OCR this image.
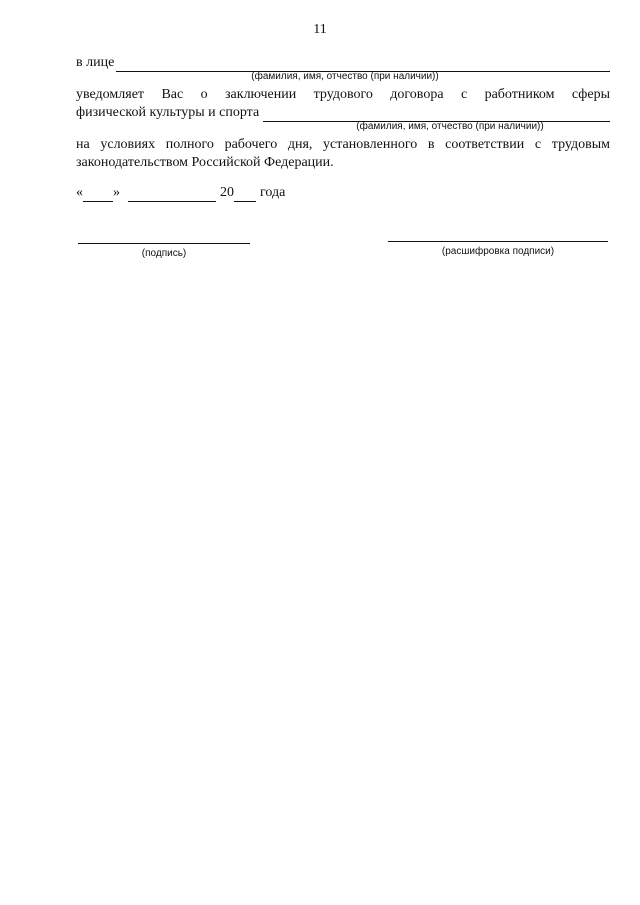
11
в лице
(фамилия, имя, отчество (при наличии))
уведомляет Вас о заключении трудового договора с работником сферы
физической культуры и спорта
(фамилия, имя, отчество (при наличии))
на условиях полного рабочего дня, установленного в соответствии с трудовым
законодательством Российской Федерации.
« »	20 года
(подпись)	(расшифровка подписи)
